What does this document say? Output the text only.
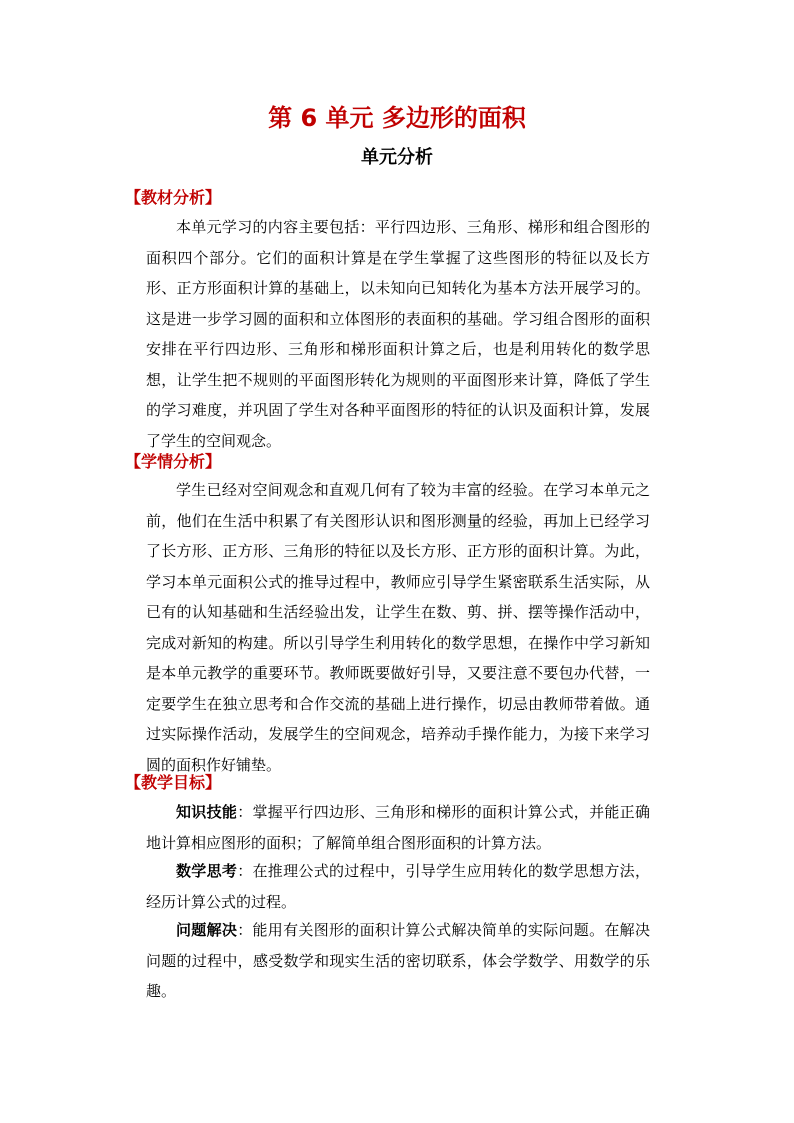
第 6 单元 多边形的面积
单元分析
【教材分析】

本单元学习的内容主要包括：平行四边形、三角形、梯形和组合图形的面积四个部分。它们的面积计算是在学生掌握了这些图形的特征以及长方形、正方形面积计算的基础上，以未知向已知转化为基本方法开展学习的。这是进一步学习圆的面积和立体图形的表面积的基础。学习组合图形的面积安排在平行四边形、三角形和梯形面积计算之后，也是利用转化的数学思想，让学生把不规则的平面图形转化为规则的平面图形来计算，降低了学生的学习难度，并巩固了学生对各种平面图形的特征的认识及面积计算，发展了学生的空间观念。

【学情分析】

学生已经对空间观念和直观几何有了较为丰富的经验。在学习本单元之前，他们在生活中积累了有关图形认识和图形测量的经验，再加上已经学习了长方形、正方形、三角形的特征以及长方形、正方形的面积计算。为此，学习本单元面积公式的推导过程中，教师应引导学生紧密联系生活实际，从已有的认知基础和生活经验出发，让学生在数、剪、拼、摆等操作活动中，完成对新知的构建。所以引导学生利用转化的数学思想，在操作中学习新知是本单元教学的重要环节。教师既要做好引导，又要注意不要包办代替，一定要学生在独立思考和合作交流的基础上进行操作，切忌由教师带着做。通过实际操作活动，发展学生的空间观念，培养动手操作能力，为接下来学习圆的面积作好铺垫。

【教学目标】

知识技能：掌握平行四边形、三角形和梯形的面积计算公式，并能正确地计算相应图形的面积；了解简单组合图形面积的计算方法。

数学思考：在推理公式的过程中，引导学生应用转化的数学思想方法，经历计算公式的过程。

问题解决：能用有关图形的面积计算公式解决简单的实际问题。在解决问题的过程中，感受数学和现实生活的密切联系，体会学数学、用数学的乐趣。
